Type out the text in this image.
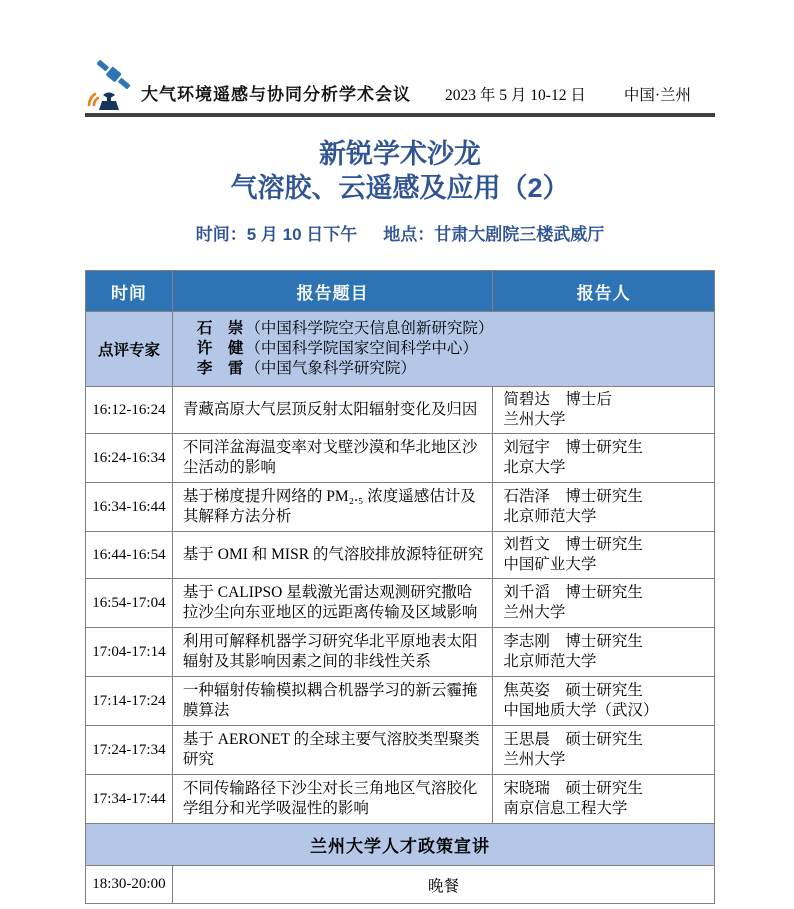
大气环境遥感与协同分析学术会议 2023 年 5 月 10-12 日 中国·兰州
新锐学术沙龙
气溶胶、云遥感及应用（2）
时间：5 月 10 日下午 地点：甘肃大剧院三楼武威厅
时间	报告题目	报告人
点评专家	石　崇 （中国科学院空天信息创新研究院）
许　健 （中国科学院国家空间科学中心）
李　雷 （中国气象科学研究院）	

16:12-16:24	青藏高原大气层顶反射太阳辐射变化及归因	简碧达　博士后
兰州大学

16:24-16:34	不同洋盆海温变率对戈壁沙漠和华北地区沙尘活动的影响	刘冠宇　博士研究生
北京大学

16:34-16:44	基于梯度提升网络的 PM₂.₅ 浓度遥感估计及其解释方法分析	石浩泽　博士研究生
北京师范大学

16:44-16:54	基于 OMI 和 MISR 的气溶胶排放源特征研究	刘哲文　博士研究生
中国矿业大学

16:54-17:04	基于 CALIPSO 星载激光雷达观测研究撒哈拉沙尘向东亚地区的远距离传输及区域影响	刘千滔　博士研究生
兰州大学

17:04-17:14	利用可解释机器学习研究华北平原地表太阳辐射及其影响因素之间的非线性关系	李志刚　博士研究生
北京师范大学

17:14-17:24	一种辐射传输模拟耦合机器学习的新云霾掩膜算法	焦英姿　硕士研究生
中国地质大学（武汉）

17:24-17:34	基于 AERONET 的全球主要气溶胶类型聚类研究	王思晨　硕士研究生
兰州大学

17:34-17:44	不同传输路径下沙尘对长三角地区气溶胶化学组分和光学吸湿性的影响	宋晓瑞　硕士研究生
南京信息工程大学

兰州大学人才政策宣讲		
18:30-20:00	晚餐	
